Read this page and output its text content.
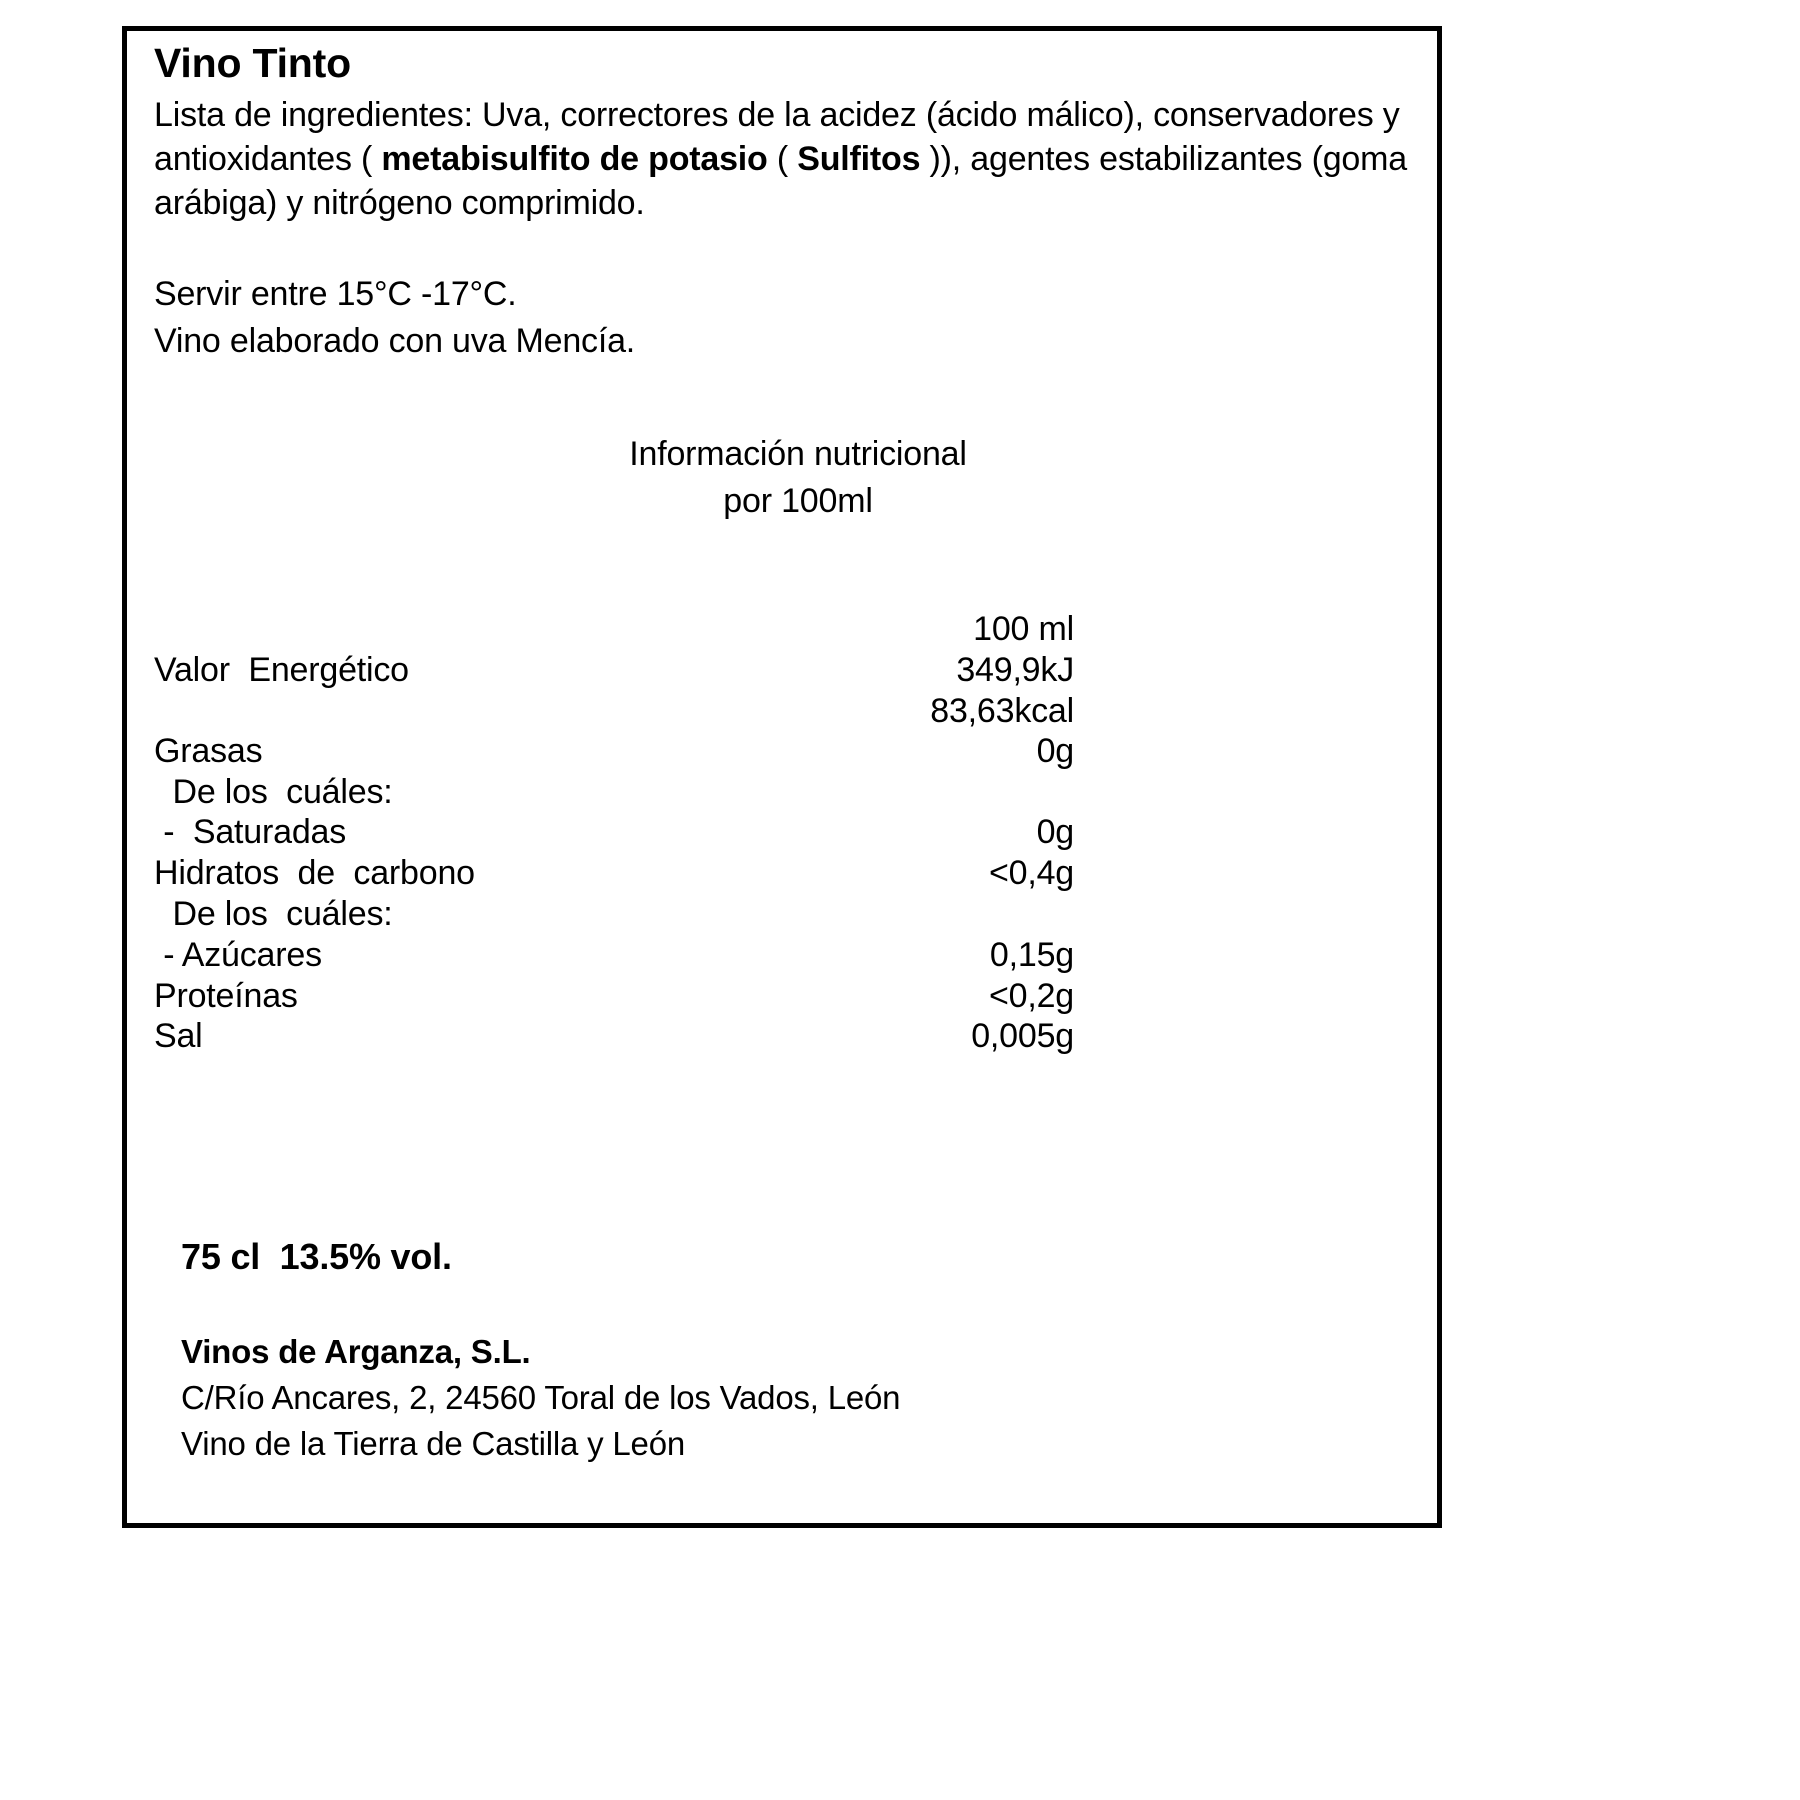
Vino Tinto

Lista de ingredientes: Uva, correctores de la acidez (ácido málico), conservadores y antioxidantes ( metabisulfito de potasio ( Sulfitos )), agentes estabilizantes (goma arábiga) y nitrógeno comprimido.

Servir entre 15°C -17°C.
Vino elaborado con uva Mencía.
Información nutricional
por 100ml
	100 ml
Valor  Energético	349,9kJ
	83,63kcal
Grasas	0g
De los  cuáles:	
-  Saturadas	0g
Hidratos  de  carbono	<0,4g
De los  cuáles:	
- Azúcares	0,15g
Proteínas	<0,2g
Sal	0,005g
75 cl  13.5% vol.
Vinos de Arganza, S.L.
C/Río Ancares, 2, 24560 Toral de los Vados, León
Vino de la Tierra de Castilla y León
